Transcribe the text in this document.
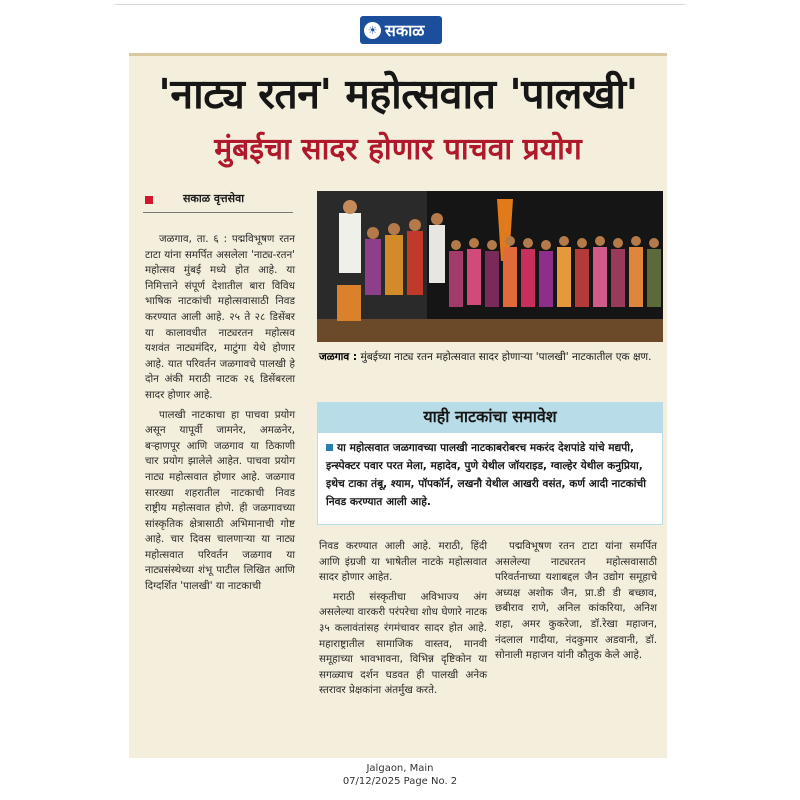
☀ सकाळ
'नाट्य रतन' महोत्सवात 'पालखी'
मुंबईचा सादर होणार पाचवा प्रयोग
सकाळ वृत्तसेवा

जळगाव, ता. ६ : पद्मविभूषण रतन टाटा यांना समर्पित असलेला 'नाट्य-रतन' महोत्सव मुंबई मध्ये होत आहे. या निमित्ताने संपूर्ण देशातील बारा विविध भाषिक नाटकांची महोत्सवासाठी निवड करण्यात आली आहे. २५ ते २८ डिसेंबर या कालावधीत नाट्यरतन महोत्सव यशवंत नाट्यमंदिर, माटुंगा येथे होणार आहे. यात परिवर्तन जळगावचे पालखी हे दोन अंकी मराठी नाटक २६ डिसेंबरला सादर होणार आहे.

पालखी नाटकाचा हा पाचवा प्रयोग असून यापूर्वी जामनेर, अमळनेर, बऱ्हाणपूर आणि जळगाव या ठिकाणी चार प्रयोग झालेले आहेत. पाचवा प्रयोग नाट्य महोत्सवात होणार आहे. जळगाव सारख्या शहरातील नाटकाची निवड राष्ट्रीय महोत्सवात होणे. ही जळगावच्या सांस्कृतिक क्षेत्रासाठी अभिमानाची गोष्ट आहे. चार दिवस चालणाऱ्या या नाट्य महोत्सवात परिवर्तन जळगाव या नाट्यसंस्थेच्या शंभू पाटील लिखित आणि दिग्दर्शित 'पालखी' या नाटकाची

जळगाव : मुंबईच्या नाट्य रतन महोत्सवात सादर होणाऱ्या 'पालखी' नाटकातील एक क्षण.
याही नाटकांचा समावेश
या महोत्सवात जळगावच्या पालखी नाटकाबरोबरच मकरंद देशपांडे यांचे मद्यपी, इन्स्पेक्टर पवार परत मेला, महादेव, पुणे येथील जॉयराइड, ग्वाल्हेर येथील कनुप्रिया, इथेच टाका तंबू, श्याम, पॉपकॉर्न, लखनौ येथील आखरी वसंत, कर्ण आदी नाटकांची निवड करण्यात आली आहे.

निवड करण्यात आली आहे. मराठी, हिंदी आणि इंग्रजी या भाषेतील नाटके महोत्सवात सादर होणार आहेत.

मराठी संस्कृतीचा अविभाज्य अंग असलेल्या वारकरी परंपरेचा शोध घेणारे नाटक ३५ कलावंतांसह रंगमंचावर सादर होत आहे. महाराष्ट्रातील सामाजिक वास्तव, मानवी समूहाच्या भावभावना, विभिन्न दृष्टिकोन या सगळ्याच दर्शन घडवत ही पालखी अनेक स्तरावर प्रेक्षकांना अंतर्मुख करते.

पद्मविभूषण रतन टाटा यांना समर्पित असलेल्या नाट्यरतन महोत्सवासाठी परिवर्तनाच्या यशाबद्दल जैन उद्योग समूहाचे अध्यक्ष अशोक जैन, प्रा.डी डी बच्छाव, छबीराव राणे, अनिल कांकरिया, अनिश शहा, अमर कुकरेजा, डॉ.रेखा महाजन, नंदलाल गादीया, नंदकुमार अडवानी, डॉ. सोनाली महाजन यांनी कौतुक केले आहे.

Jalgaon, Main
07/12/2025 Page No. 2
